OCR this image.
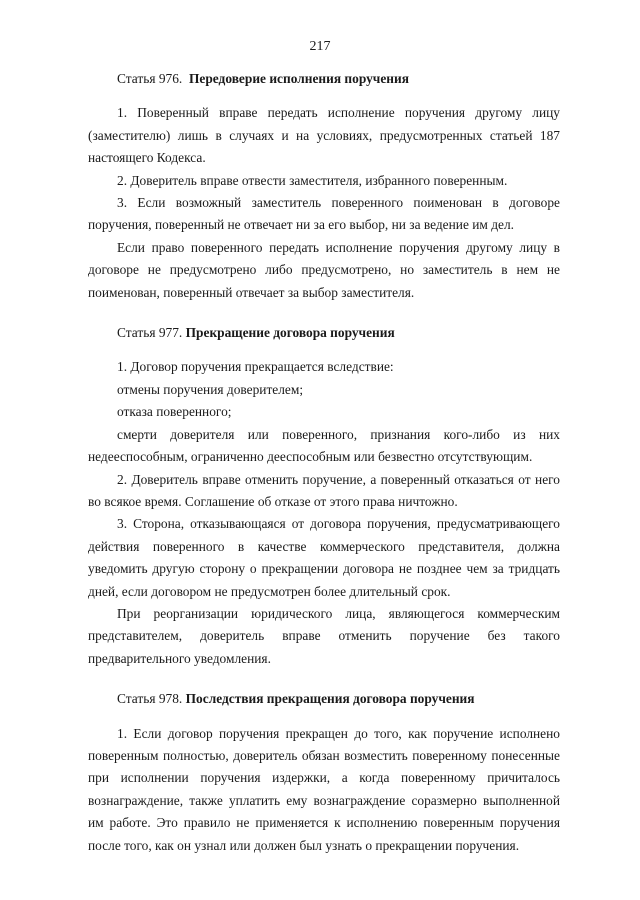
217
Статья 976. Передоверие исполнения поручения

1. Поверенный вправе передать исполнение поручения другому лицу (заместителю) лишь в случаях и на условиях, предусмотренных статьей 187 настоящего Кодекса.

2. Доверитель вправе отвести заместителя, избранного поверенным.

3. Если возможный заместитель поверенного поименован в договоре поручения, поверенный не отвечает ни за его выбор, ни за ведение им дел.

Если право поверенного передать исполнение поручения другому лицу в договоре не предусмотрено либо предусмотрено, но заместитель в нем не поименован, поверенный отвечает за выбор заместителя.

Статья 977. Прекращение договора поручения

1. Договор поручения прекращается вследствие:

отмены поручения доверителем;

отказа поверенного;

смерти доверителя или поверенного, признания кого-либо из них недееспособным, ограниченно дееспособным или безвестно отсутствующим.

2. Доверитель вправе отменить поручение, а поверенный отказаться от него во всякое время. Соглашение об отказе от этого права ничтожно.

3. Сторона, отказывающаяся от договора поручения, предусматривающего действия поверенного в качестве коммерческого представителя, должна уведомить другую сторону о прекращении договора не позднее чем за тридцать дней, если договором не предусмотрен более длительный срок.

При реорганизации юридического лица, являющегося коммерческим представителем, доверитель вправе отменить поручение без такого предварительного уведомления.

Статья 978. Последствия прекращения договора поручения

1. Если договор поручения прекращен до того, как поручение исполнено поверенным полностью, доверитель обязан возместить поверенному понесенные при исполнении поручения издержки, а когда поверенному причиталось вознаграждение, также уплатить ему вознаграждение соразмерно выполненной им работе. Это правило не применяется к исполнению поверенным поручения после того, как он узнал или должен был узнать о прекращении поручения.
